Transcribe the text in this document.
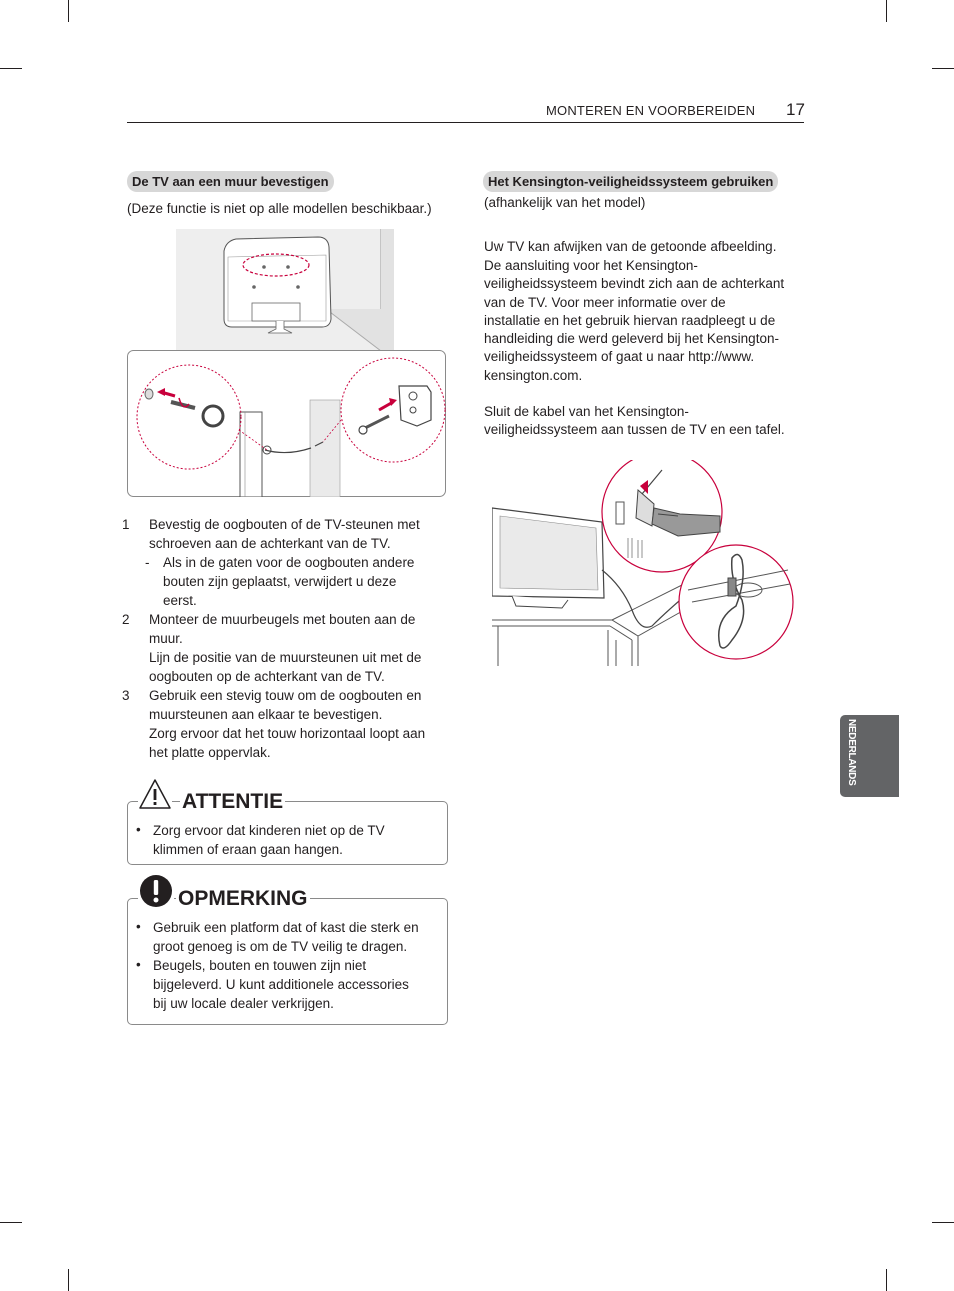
MONTEREN EN VOORBEREIDEN 17
De TV aan een muur bevestigen
(Deze functie is niet op alle modellen beschikbaar.)
1 Bevestig de oogbouten of de TV-steunen met
schroeven aan de achterkant van de TV.
- Als in de gaten voor de oogbouten andere
bouten zijn geplaatst, verwijdert u deze
eerst.
2 Monteer de muurbeugels met bouten aan de
muur.
Lijn de positie van de muursteunen uit met de
oogbouten op de achterkant van de TV.
3 Gebruik een stevig touw om de oogbouten en
muursteunen aan elkaar te bevestigen.
Zorg ervoor dat het touw horizontaal loopt aan
het platte oppervlak.
ATTENTIE
• Zorg ervoor dat kinderen niet op de TV
klimmen of eraan gaan hangen.
OPMERKING
• Gebruik een platform dat of kast die sterk en
groot genoeg is om de TV veilig te dragen.
• Beugels, bouten en touwen zijn niet
bijgeleverd. U kunt additionele accessories
bij uw locale dealer verkrijgen.
Het Kensington-veiligheidssysteem gebruiken
(afhankelijk van het model)
Uw TV kan afwijken van de getoonde afbeelding.
De aansluiting voor het Kensington-
veiligheidssysteem bevindt zich aan de achterkant
van de TV. Voor meer informatie over de
installatie en het gebruik hiervan raadpleegt u de
handleiding die werd geleverd bij het Kensington-
veiligheidssysteem of gaat u naar http://www.
kensington.com.
Sluit de kabel van het Kensington-
veiligheidssysteem aan tussen de TV en een tafel.
NEDERLANDS
